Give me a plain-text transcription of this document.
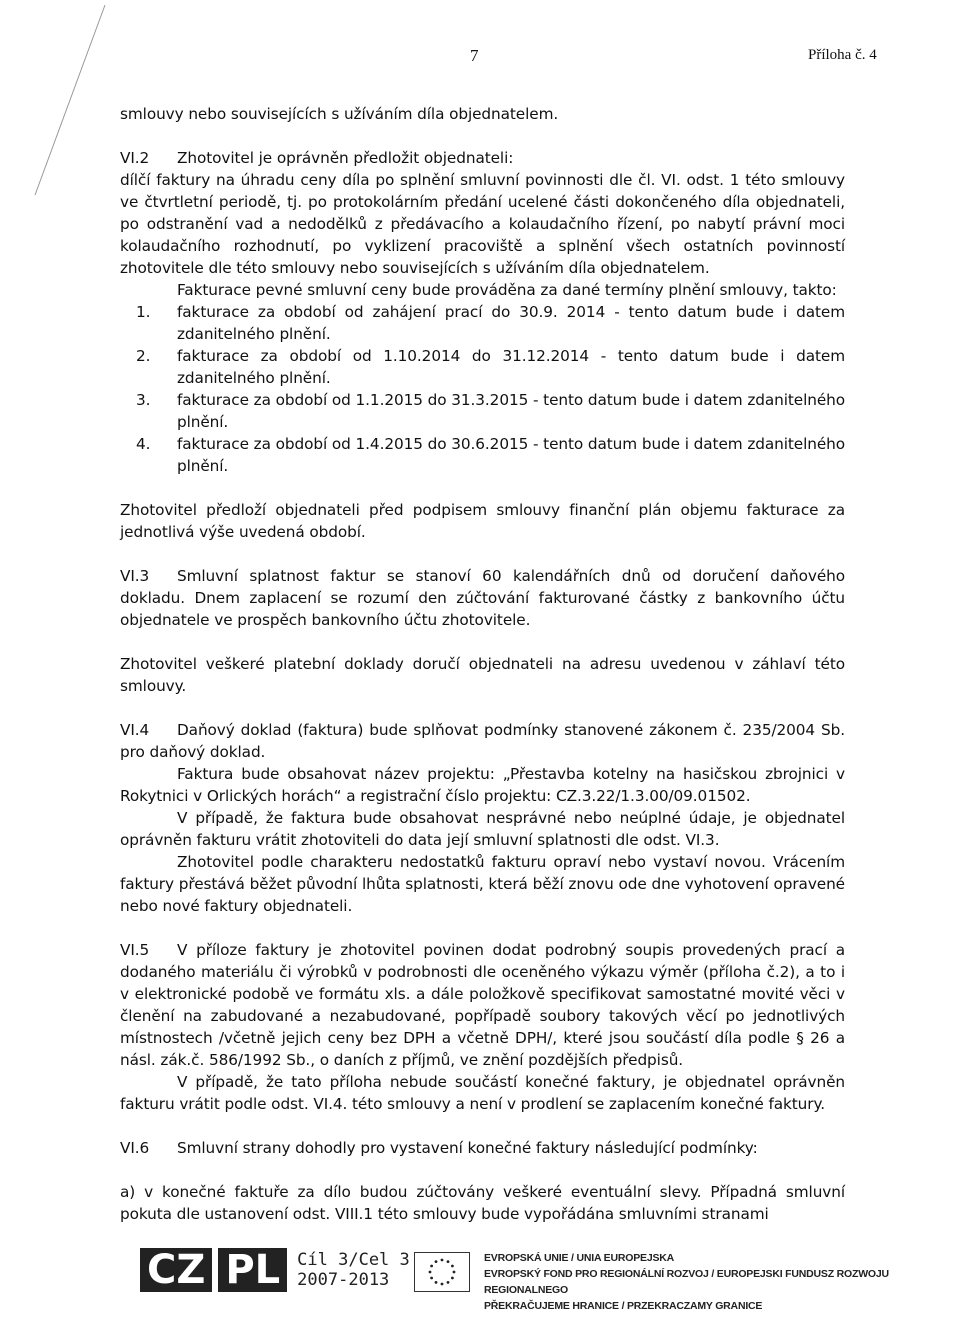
7	Příloha č. 4

smlouvy nebo souvisejících s užíváním díla objednatelem.

VI.2 Zhotovitel je oprávněn předložit objednateli:

dílčí faktury na úhradu ceny díla po splnění smluvní povinnosti dle čl. VI. odst. 1 této smlouvy ve čtvrtletní periodě, tj. po protokolárním předání ucelené části dokončeného díla objednateli, po odstranění vad a nedodělků z předávacího a kolaudačního řízení, po nabytí právní moci kolaudačního rozhodnutí, po vyklizení pracoviště a splnění všech ostatních povinností zhotovitele dle této smlouvy nebo souvisejících s užíváním díla objednatelem.

Fakturace pevné smluvní ceny bude prováděna za dané termíny plnění smlouvy, takto:

1. fakturace za období od zahájení prací do 30.9. 2014 - tento datum bude i datem zdanitelného plnění.
2. fakturace za období od 1.10.2014 do 31.12.2014 - tento datum bude i datem zdanitelného plnění.
3. fakturace za období od 1.1.2015 do 31.3.2015 - tento datum bude i datem zdanitelného plnění.
4. fakturace za období od 1.4.2015 do 30.6.2015 - tento datum bude i datem zdanitelného plnění.

Zhotovitel předloží objednateli před podpisem smlouvy finanční plán objemu fakturace za jednotlivá výše uvedená období.

VI.3 Smluvní splatnost faktur se stanoví 60 kalendářních dnů od doručení daňového dokladu. Dnem zaplacení se rozumí den zúčtování fakturované částky z bankovního účtu objednatele ve prospěch bankovního účtu zhotovitele.

Zhotovitel veškeré platební doklady doručí objednateli na adresu uvedenou v záhlaví této smlouvy.

VI.4 Daňový doklad (faktura) bude splňovat podmínky stanovené zákonem č. 235/2004 Sb. pro daňový doklad.

Faktura bude obsahovat název projektu: „Přestavba kotelny na hasičskou zbrojnici v Rokytnici v Orlických horách“ a registrační číslo projektu: CZ.3.22/1.3.00/09.01502.

V případě, že faktura bude obsahovat nesprávné nebo neúplné údaje, je objednatel oprávněn fakturu vrátit zhotoviteli do data její smluvní splatnosti dle odst. VI.3.

Zhotovitel podle charakteru nedostatků fakturu opraví nebo vystaví novou. Vrácením faktury přestává běžet původní lhůta splatnosti, která běží znovu ode dne vyhotovení opravené nebo nové faktury objednateli.

VI.5 V příloze faktury je zhotovitel povinen dodat podrobný soupis provedených prací a dodaného materiálu či výrobků v podrobnosti dle oceněného výkazu výměr (příloha č.2), a to i v elektronické podobě ve formátu xls. a dále položkově specifikovat samostatné movité věci v členění na zabudované a nezabudované, popřípadě soubory takových věcí po jednotlivých místnostech /včetně jejich ceny bez DPH a včetně DPH/, které jsou součástí díla podle § 26 a násl. zák.č. 586/1992 Sb., o daních z příjmů, ve znění pozdějších předpisů.

V případě, že tato příloha nebude součástí konečné faktury, je objednatel oprávněn fakturu vrátit podle odst. VI.4. této smlouvy a není v prodlení se zaplacením konečné faktury.

VI.6 Smluvní strany dohodly pro vystavení konečné faktury následující podmínky:

a) v konečné faktuře za dílo budou zúčtovány veškeré eventuální slevy. Případná smluvní pokuta dle ustanovení odst. VIII.1 této smlouvy bude vypořádána smluvními stranami

CZ PL	Cíl 3/Cel 3
2007-2013
EVROPSKÁ UNIE / UNIA EUROPEJSKA
EVROPSKÝ FOND PRO REGIONÁLNÍ ROZVOJ / EUROPEJSKI FUNDUSZ ROZWOJU REGIONALNEGO
PŘEKRAČUJEME HRANICE / PRZEKRACZAMY GRANICE
